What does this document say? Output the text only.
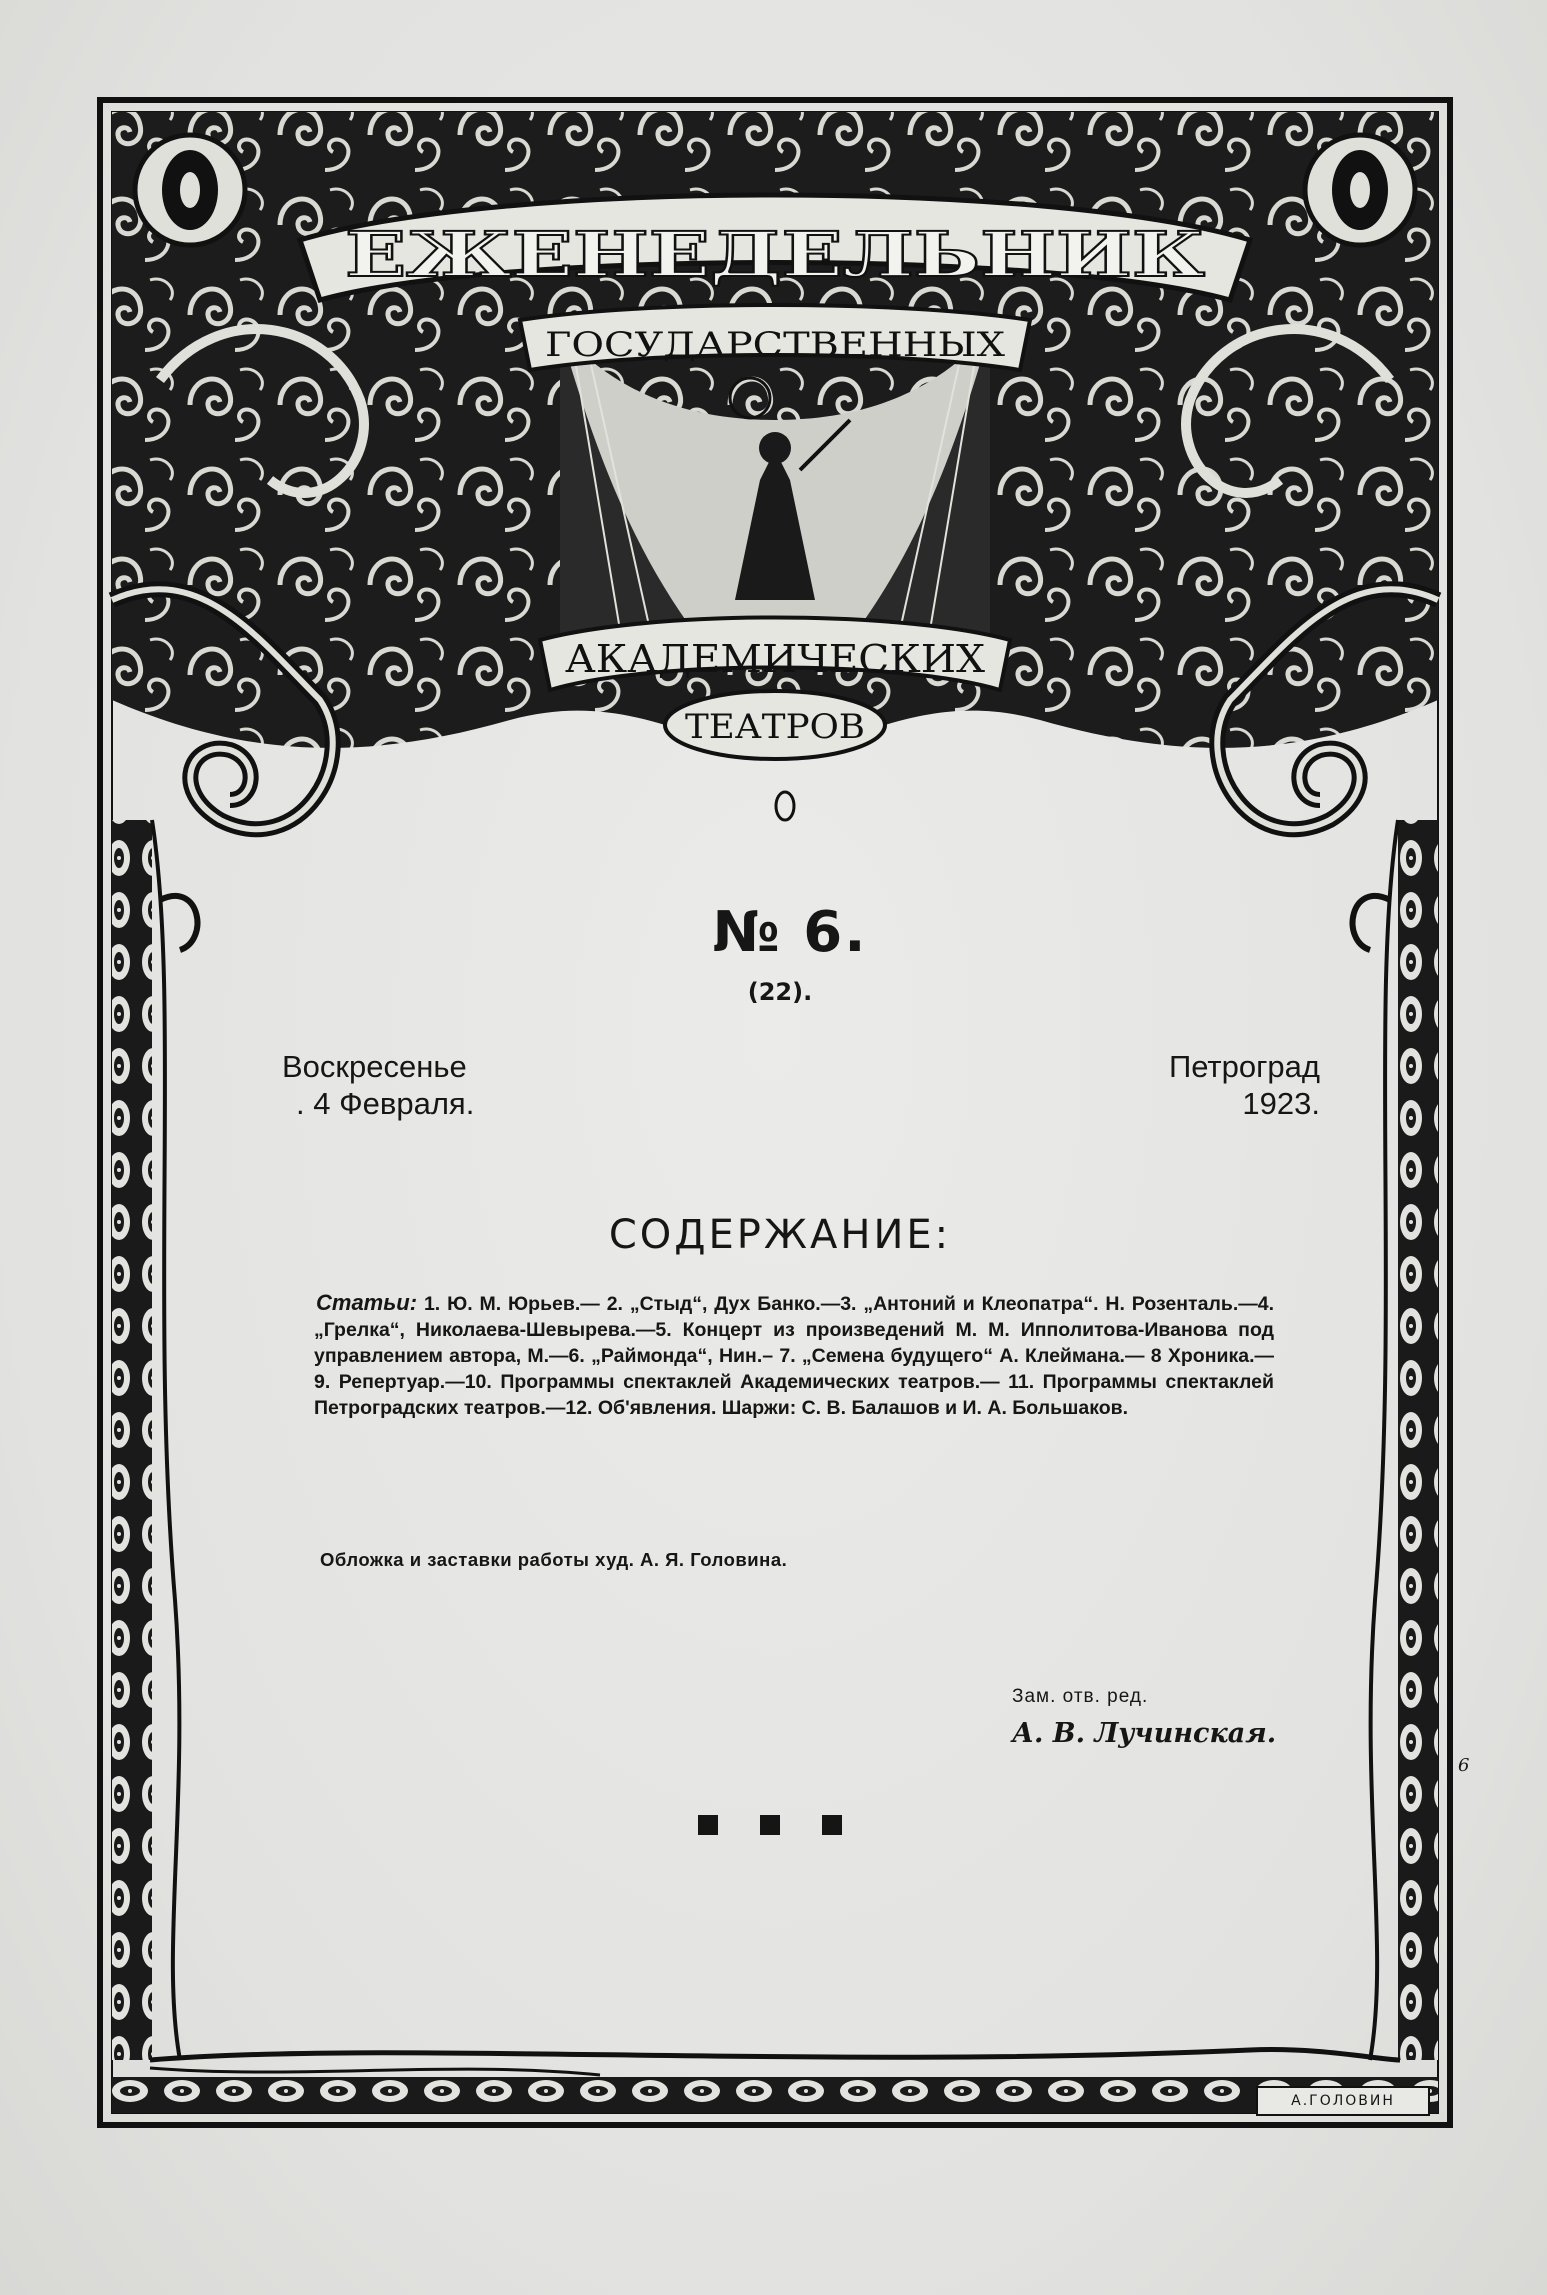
ЕЖЕНЕДЕЛЬНИК
ГОСУДАРСТВЕННЫХ
АКАДЕМИЧЕСКИХ
ТЕАТРОВ
№ 6.
(22).
Воскресенье
. 4 Февраля.
Петроград
1923.
СОДЕРЖАНИЕ:
Статьи: 1. Ю. М. Юрьев.— 2. „Стыд“, Дух Банко.—3. „Антоний и Клеопатра“. Н. Розенталь.—4. „Грелка“, Николаева-Шевырева.—5. Концерт из произведений М. М. Ипполитова-Иванова под управлением автора, М.—6. „Раймонда“, Нин.– 7. „Семена будущего“ А. Клеймана.— 8 Хроника.—9. Репертуар.—10. Программы спектаклей Академических театров.— 11. Программы спектаклей Петроградских театров.—12. Об'явления. Шаржи: С. В. Балашов и И. А. Большаков.
Обложка и заставки работы худ. А. Я. Головина.
Зам. отв. ред.
А. В. Лучинская.
А.ГОЛОВИН
6
